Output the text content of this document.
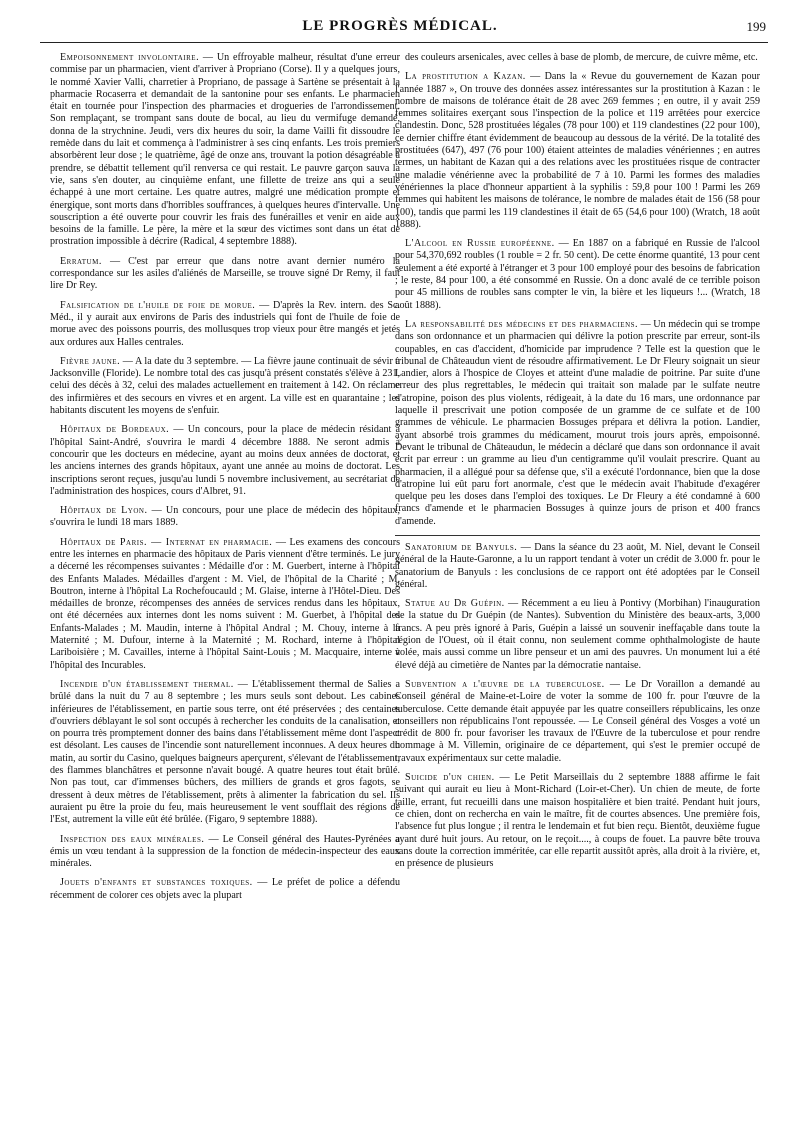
LE PROGRÈS MÉDICAL.	199

Empoisonnement involontaire. — Un effroyable malheur, résultat d'une erreur commise par un pharmacien, vient d'arriver à Propriano (Corse). Il y a quelques jours, le nommé Xavier Valli, charretier à Propriano, de passage à Sartène se présentait à la pharmacie Rocaserra et demandait de la santonine pour ses enfants. Le pharmacien était en tournée pour l'inspection des pharmacies et drogueries de l'arrondissement. Son remplaçant, se trompant sans doute de bocal, au lieu du vermifuge demandé, donna de la strychnine. Jeudi, vers dix heures du soir, la dame Vailli fit dissoudre le remède dans du lait et commença à l'administrer à ses cinq enfants. Les trois premiers absorbèrent leur dose ; le quatrième, âgé de onze ans, trouvant la potion désagréable à prendre, se débattit tellement qu'il renversa ce qui restait. Le pauvre garçon sauva la vie, sans s'en douter, au cinquième enfant, une fillette de treize ans qui a seule échappé à une mort certaine. Les quatre autres, malgré une médication prompte et énergique, sont morts dans d'horribles souffrances, à quelques heures d'intervalle. Une souscription a été ouverte pour couvrir les frais des funérailles et venir en aide aux besoins de la famille. Le père, la mère et la sœur des victimes sont dans un état de prostration impossible à décrire (Radical, 4 septembre 1888).

Erratum. — C'est par erreur que dans notre avant dernier numéro la correspondance sur les asiles d'aliénés de Marseille, se trouve signé Dr Remy, il faut lire Dr Rey.

Falsification de l'huile de foie de morue. — D'après la Rev. intern. des Sc. Méd., il y aurait aux environs de Paris des industriels qui font de l'huile de foie de morue avec des poissons pourris, des mollusques trop vieux pour être mangés et jetés aux ordures aux Halles centrales.

Fièvre jaune. — A la date du 3 septembre. — La fièvre jaune continuait de sévir à Jacksonville (Floride). Le nombre total des cas jusqu'à présent constatés s'élève à 231, celui des décès à 32, celui des malades actuellement en traitement à 142. On réclame des infirmières et des secours en vivres et en argent. La ville est en quarantaine ; les habitants discutent les moyens de s'enfuir.

Hôpitaux de Bordeaux. — Un concours, pour la place de médecin résidant à l'hôpital Saint-André, s'ouvrira le mardi 4 décembre 1888. Ne seront admis à concourir que les docteurs en médecine, ayant au moins deux années de doctorat, et les anciens internes des grands hôpitaux, ayant une année au moins de doctorat. Les inscriptions seront reçues, jusqu'au lundi 5 novembre inclusivement, au secrétariat de l'administration des hospices, cours d'Albret, 91.

Hôpitaux de Lyon. — Un concours, pour une place de médecin des hôpitaux, s'ouvrira le lundi 18 mars 1889.

Hôpitaux de Paris. — Internat en pharmacie. — Les examens des concours entre les internes en pharmacie des hôpitaux de Paris viennent d'être terminés. Le jury a décerné les récompenses suivantes : Médaille d'or : M. Guerbert, interne à l'hôpital des Enfants Malades. Médailles d'argent : M. Viel, de l'hôpital de la Charité ; M. Boutron, interne à l'hôpital La Rochefoucauld ; M. Glaise, interne à l'Hôtel-Dieu. Des médailles de bronze, récompenses des années de services rendus dans les hôpitaux, ont été décernées aux internes dont les noms suivent : M. Guerbet, à l'hôpital des Enfants-Malades ; M. Maudin, interne à l'hôpital Andral ; M. Chouy, interne à la Maternité ; M. Dufour, interne à la Maternité ; M. Rochard, interne à l'hôpital Lariboisière ; M. Cavailles, interne à l'hôpital Saint-Louis ; M. Macquaire, interne à l'hôpital des Incurables.

Incendie d'un établissement thermal. — L'établissement thermal de Salies a brûlé dans la nuit du 7 au 8 septembre ; les murs seuls sont debout. Les cabines inférieures de l'établissement, en partie sous terre, ont été préservées ; des centaines d'ouvriers déblayant le sol sont occupés à rechercher les conduits de la canalisation, et on pourra très promptement donner des bains dans l'établissement même dont l'aspect est désolant. Les causes de l'incendie sont naturellement inconnues. A deux heures du matin, au sortir du Casino, quelques baigneurs aperçurent, s'élevant de l'établissement, des flammes blanchâtres et personne n'avait bougé. A quatre heures tout était brûlé. Non pas tout, car d'immenses bûchers, des milliers de grands et gros fagots, se dressent à deux mètres de l'établissement, prêts à alimenter la fabrication du sel. Ils auraient pu être la proie du feu, mais heureusement le vent soufflait des régions de l'Est, autrement la ville eût été brûlée. (Figaro, 9 septembre 1888).

Inspection des eaux minérales. — Le Conseil général des Hautes-Pyrénées a émis un vœu tendant à la suppression de la fonction de médecin-inspecteur des eaux minérales.

Jouets d'enfants et substances toxiques. — Le préfet de police a défendu récemment de colorer ces objets avec la plupart

des couleurs arsenicales, avec celles à base de plomb, de mercure, de cuivre même, etc.

La prostitution a Kazan. — Dans la « Revue du gouvernement de Kazan pour l'année 1887 », On trouve des données assez intéressantes sur la prostitution à Kazan : le nombre de maisons de tolérance était de 28 avec 269 femmes ; en outre, il y avait 259 femmes solitaires exerçant sous l'inspection de la police et 119 arrêtées pour exercice clandestin. Donc, 528 prostituées légales (78 pour 100) et 119 clandestines (22 pour 100), ce dernier chiffre étant évidemment de beaucoup au dessous de la vérité. De la totalité des prostituées (647), 497 (76 pour 100) étaient atteintes de maladies vénériennes ; en autres termes, un habitant de Kazan qui a des relations avec les prostituées risque de contracter une maladie vénérienne avec la probabilité de 7 à 10. Parmi les formes des maladies vénériennes la place d'honneur appartient à la syphilis : 59,8 pour 100 ! Parmi les 269 femmes qui habitent les maisons de tolérance, le nombre de malades était de 156 (58 pour 100), tandis que parmi les 119 clandestines il était de 65 (54,6 pour 100) (Wratch, 18 août 1888).

L'Alcool en Russie européenne. — En 1887 on a fabriqué en Russie de l'alcool pour 54,370,692 roubles (1 rouble = 2 fr. 50 cent). De cette énorme quantité, 13 pour cent seulement a été exporté à l'étranger et 3 pour 100 employé pour des besoins de fabrication ; le reste, 84 pour 100, a été consommé en Russie. On a donc avalé de ce terrible poison pour 45 millions de roubles sans compter le vin, la bière et les liqueurs !... (Wratch, 18 août 1888).

La responsabilité des médecins et des pharmaciens. — Un médecin qui se trompe dans son ordonnance et un pharmacien qui délivre la potion prescrite par erreur, sont-ils coupables, en cas d'accident, d'homicide par imprudence ? Telle est la question que le tribunal de Châteaudun vient de résoudre affirmativement. Le Dr Fleury soignait un sieur Landier, alors à l'hospice de Cloyes et atteint d'une maladie de poitrine. Par suite d'une erreur des plus regrettables, le médecin qui traitait son malade par le sulfate neutre d'atropine, poison des plus violents, rédigeait, à la date du 16 mars, une ordonnance par laquelle il prescrivait une potion composée de un gramme de ce sulfate et de 100 grammes de véhicule. Le pharmacien Bossuges prépara et délivra la potion. Landier, ayant absorbé trois grammes du médicament, mourut trois jours après, empoisonné. Devant le tribunal de Châteaudun, le médecin a déclaré que dans son ordonnance il avait écrit par erreur : un gramme au lieu d'un centigramme qu'il voulait prescrire. Quant au pharmacien, il a allégué pour sa défense que, s'il a exécuté l'ordonnance, bien que la dose d'atropine lui eût paru fort anormale, c'est que le médecin avait l'habitude d'exagérer quelque peu les doses dans l'emploi des toxiques. Le Dr Fleury a été condamné à 600 francs d'amende et le pharmacien Bossuges à quinze jours de prison et 400 francs d'amende.

Sanatorium de Banyuls. — Dans la séance du 23 août, M. Niel, devant le Conseil général de la Haute-Garonne, a lu un rapport tendant à voter un crédit de 3.000 fr. pour le sanatorium de Banyuls : les conclusions de ce rapport ont été adoptées par le Conseil général.

Statue au Dr Guépin. — Récemment a eu lieu à Pontivy (Morbihan) l'inauguration de la statue du Dr Guépin (de Nantes). Subvention du Ministère des beaux-arts, 3,000 francs. A peu près ignoré à Paris, Guépin a laissé un souvenir ineffaçable dans toute la région de l'Ouest, où il était connu, non seulement comme ophthalmologiste de haute volée, mais aussi comme un libre penseur et un ami des pauvres. Un monument lui a été élevé déjà au cimetière de Nantes par la démocratie nantaise.

Subvention a l'œuvre de la tuberculose. — Le Dr Voraillon a demandé au Conseil général de Maine-et-Loire de voter la somme de 100 fr. pour l'œuvre de la tuberculose. Cette demande était appuyée par les quatre conseillers républicains, les onze conseillers non républicains l'ont repoussée. — Le Conseil général des Vosges a voté un crédit de 800 fr. pour favoriser les travaux de l'Œuvre de la tuberculose et pour rendre hommage à M. Villemin, originaire de ce département, qui s'est le premier occupé de travaux expérimentaux sur cette maladie.

Suicide d'un chien. — Le Petit Marseillais du 2 septembre 1888 affirme le fait suivant qui aurait eu lieu à Mont-Richard (Loir-et-Cher). Un chien de meute, de forte taille, errant, fut recueilli dans une maison hospitalière et bien traité. Pendant huit jours, ce chien, dont on rechercha en vain le maître, fit de courtes absences. Une première fois, l'absence fut plus longue ; il rentra le lendemain et fut bien reçu. Bientôt, deuxième fugue ayant duré huit jours. Au retour, on le reçoit...., à coups de fouet. La pauvre bête trouva sans doute la correction imméritée, car elle repartit aussitôt après, alla droit à la rivière, et, en présence de plusieurs
